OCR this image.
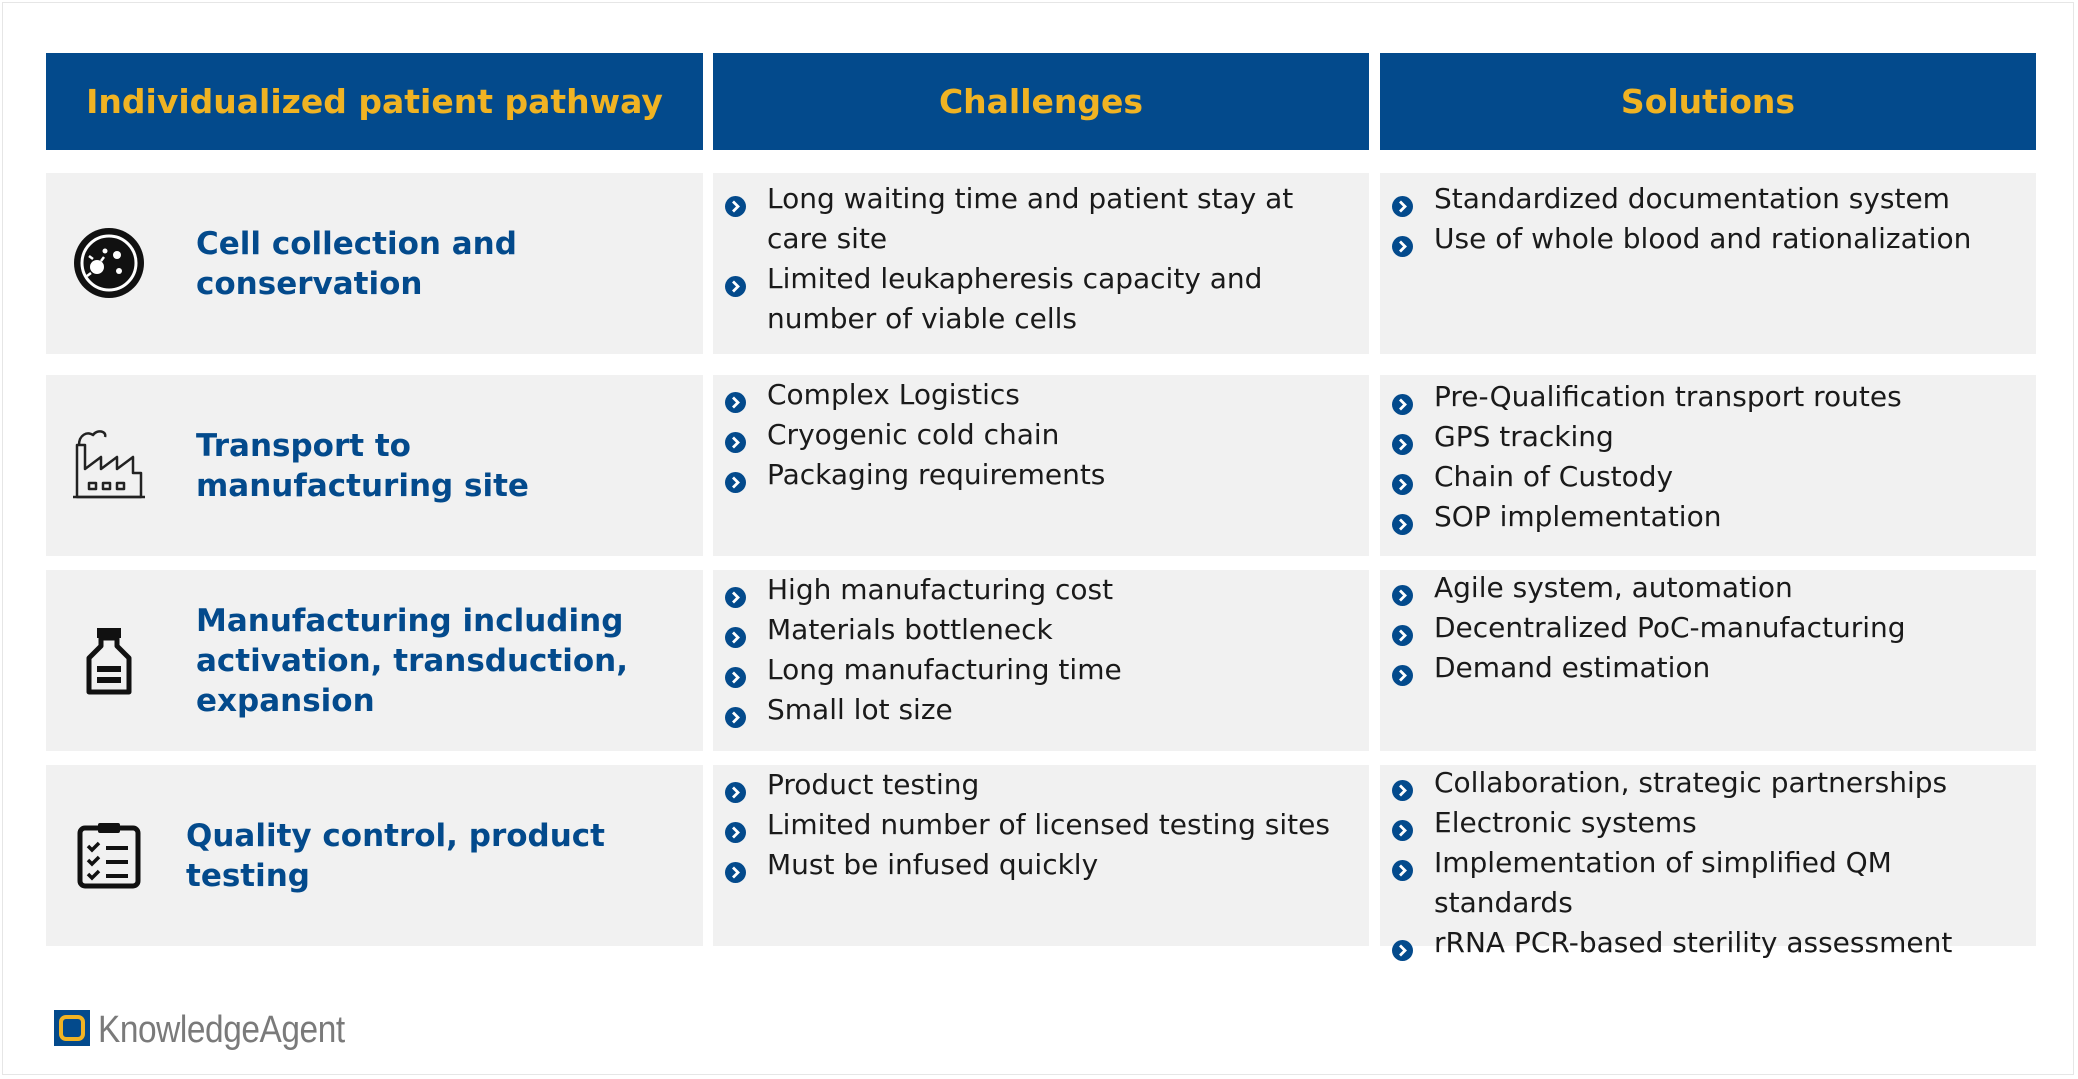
Individualized patient pathway	Challenges	Solutions
Cell collection and conservation
Long waiting time and patient stay at care site
Limited leukapheresis capacity and number of viable cells
Standardized documentation system
Use of whole blood and rationalization
Transport to manufacturing site
Complex Logistics
Cryogenic cold chain
Packaging requirements
Pre-Qualification transport routes
GPS tracking
Chain of Custody
SOP implementation
Manufacturing including activation, transduction, expansion
High manufacturing cost
Materials bottleneck
Long manufacturing time
Small lot size
Agile system, automation
Decentralized PoC-manufacturing
Demand estimation
Quality control, product testing
Product testing
Limited number of licensed testing sites
Must be infused quickly
Collaboration, strategic partnerships
Electronic systems
Implementation of simplified QM standards
rRNA PCR-based sterility assessment
KnowledgeAgent
